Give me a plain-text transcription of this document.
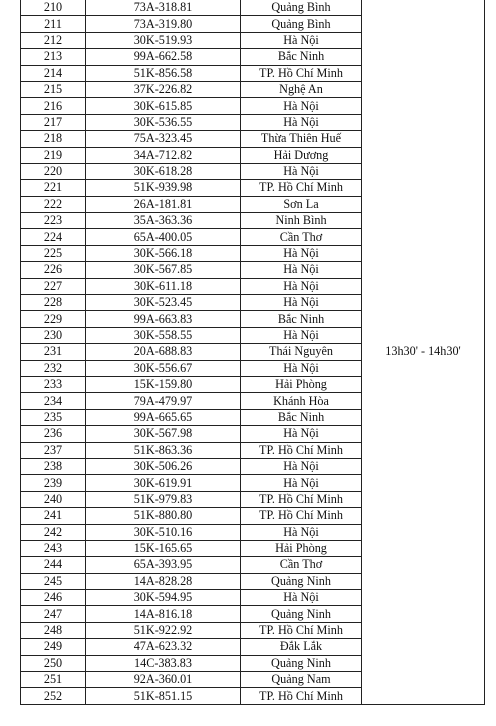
210	73A-318.81	Quảng Bình	13h30' - 14h30'

211	73A-319.80	Quảng Bình	
212	30K-519.93	Hà Nội	
213	99A-662.58	Bắc Ninh	
214	51K-856.58	TP. Hồ Chí Minh	
215	37K-226.82	Nghệ An	
216	30K-615.85	Hà Nội	
217	30K-536.55	Hà Nội	
218	75A-323.45	Thừa Thiên Huế	
219	34A-712.82	Hải Dương	
220	30K-618.28	Hà Nội	
221	51K-939.98	TP. Hồ Chí Minh	
222	26A-181.81	Sơn La	
223	35A-363.36	Ninh Bình	
224	65A-400.05	Cần Thơ	
225	30K-566.18	Hà Nội	
226	30K-567.85	Hà Nội	
227	30K-611.18	Hà Nội	
228	30K-523.45	Hà Nội	
229	99A-663.83	Bắc Ninh	
230	30K-558.55	Hà Nội	
231	20A-688.83	Thái Nguyên	
232	30K-556.67	Hà Nội	
233	15K-159.80	Hải Phòng	
234	79A-479.97	Khánh Hòa	
235	99A-665.65	Bắc Ninh	
236	30K-567.98	Hà Nội	
237	51K-863.36	TP. Hồ Chí Minh	
238	30K-506.26	Hà Nội	
239	30K-619.91	Hà Nội	
240	51K-979.83	TP. Hồ Chí Minh	
241	51K-880.80	TP. Hồ Chí Minh	
242	30K-510.16	Hà Nội	
243	15K-165.65	Hải Phòng	
244	65A-393.95	Cần Thơ	
245	14A-828.28	Quảng Ninh	
246	30K-594.95	Hà Nội	
247	14A-816.18	Quảng Ninh	
248	51K-922.92	TP. Hồ Chí Minh	
249	47A-623.32	Đắk Lắk	
250	14C-383.83	Quảng Ninh	
251	92A-360.01	Quảng Nam	
252	51K-851.15	TP. Hồ Chí Minh	
